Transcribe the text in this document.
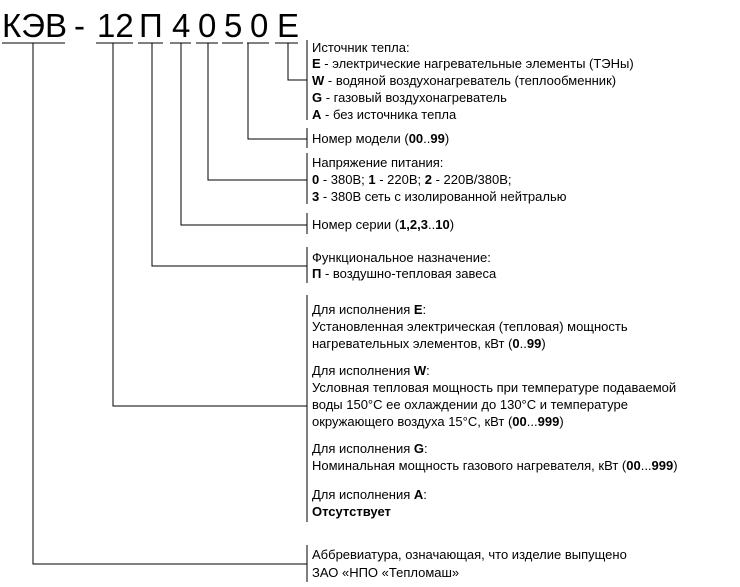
КЭВ - 12 П 4 0 5 0 Е
Источник тепла:
E - электрические нагревательные элементы (ТЭНы)
W - водяной воздухонагреватель (теплообменник)
G - газовый воздухонагреватель
A - без источника тепла
Номер модели (00..99)
Напряжение питания:
0 - 380В; 1 - 220В; 2 - 220В/380В;
3 - 380В сеть с изолированной нейтралью
Номер серии (1,2,3..10)
Функциональное назначение:
П - воздушно-тепловая завеса
Для исполнения E:
Установленная электрическая (тепловая) мощность
нагревательных элементов, кВт (0..99)
Для исполнения W:
Условная тепловая мощность при температуре подаваемой
воды 150°С ее охлаждении до 130°С и температуре
окружающего воздуха 15°С, кВт (00...999)
Для исполнения G:
Номинальная мощность газового нагревателя, кВт (00...999)
Для исполнения A:
Отсутствует
Аббревиатура, означающая, что изделие выпущено
ЗАО «НПО «Тепломаш»
